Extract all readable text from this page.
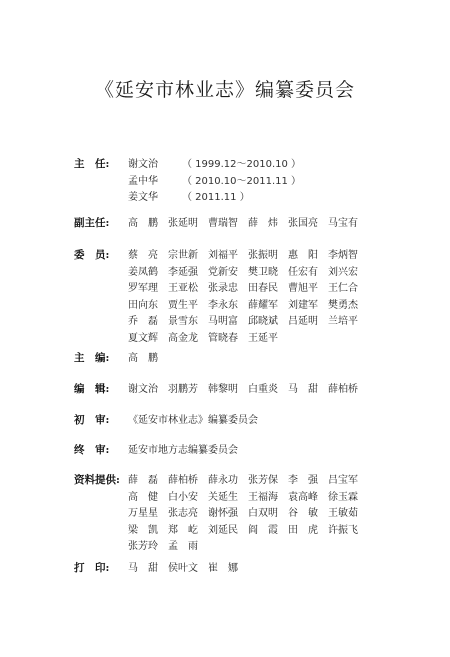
《延安市林业志》编纂委员会
主　任:	谢文治 （ 1999.12～2010.10 ）
孟中华 （ 2010.10～2011.11 ）
姜文华 （ 2011.11 ）
副主任:	高　鹏	张延明	曹瑞智	薛　炜	张国亮	马宝有
委　员:	蔡　亮	宗世新	刘福平	张振明	惠　阳	李炳智
姜凤鹤	李延强	党新安	樊卫晓	任宏有	刘兴宏
罗军理	王亚松	张录忠	田春民	曹旭平	王仁合
田向东	贾生平	李永东	薛耀军	刘建军	樊勇杰
乔　磊	景雪东	马明富	邱晓斌	吕延明	兰培平
夏文辉	高金龙	管晓春	王延平
主　编:	高　鹏
编　辑:	谢文治	羽鹏芳	韩黎明	白重炎	马　甜	薛柏桥
初　审:	《延安市林业志》编纂委员会
终　审:	延安市地方志编纂委员会
资料提供: 薛　磊	薛柏桥	薛永功	张芳保	李　强	吕宝军
高　健	白小安	关延生	王福海	袁高峰	徐玉霖
万星星	张志亮	谢怀强	白双明	谷　敏	王敏茹
梁　凯	郑　屹	刘延民	阎　霞	田　虎	许振飞
张芳玲	孟　雨
打　印:	马　甜	侯叶文	崔　娜
